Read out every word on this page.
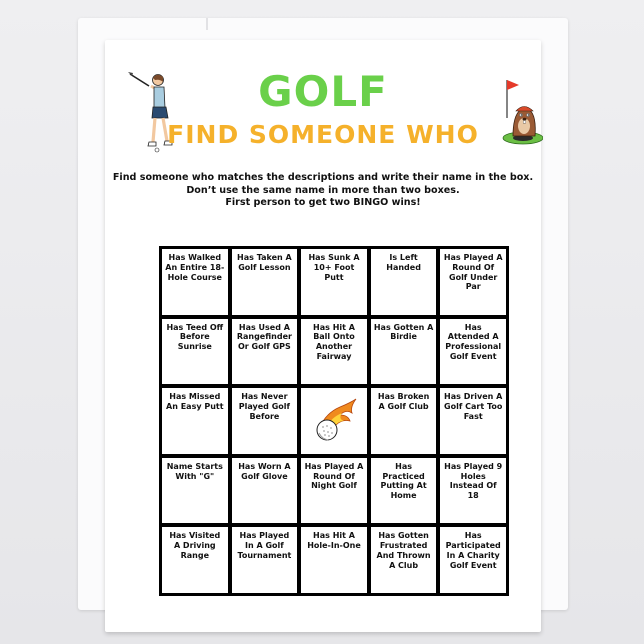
GOLF
FIND SOMEONE WHO
Find someone who matches the descriptions and write their name in the box.
Don’t use the same name in more than two boxes.
First person to get two BINGO wins!
Has Walked An Entire 18-Hole Course
Has Taken A Golf Lesson
Has Sunk A 10+ Foot Putt
Is Left Handed
Has Played A Round Of Golf Under Par
Has Teed Off Before Sunrise
Has Used A Rangefinder Or Golf GPS
Has Hit A Ball Onto Another Fairway
Has Gotten A Birdie
Has Attended A Professional Golf Event
Has Missed An Easy Putt
Has Never Played Golf Before
Has Broken A Golf Club
Has Driven A Golf Cart Too Fast
Name Starts With "G"
Has Worn A Golf Glove
Has Played A Round Of Night Golf
Has Practiced Putting At Home
Has Played 9 Holes Instead Of 18
Has Visited A Driving Range
Has Played In A Golf Tournament
Has Hit A Hole-In-One
Has Gotten Frustrated And Thrown A Club
Has Participated In A Charity Golf Event
